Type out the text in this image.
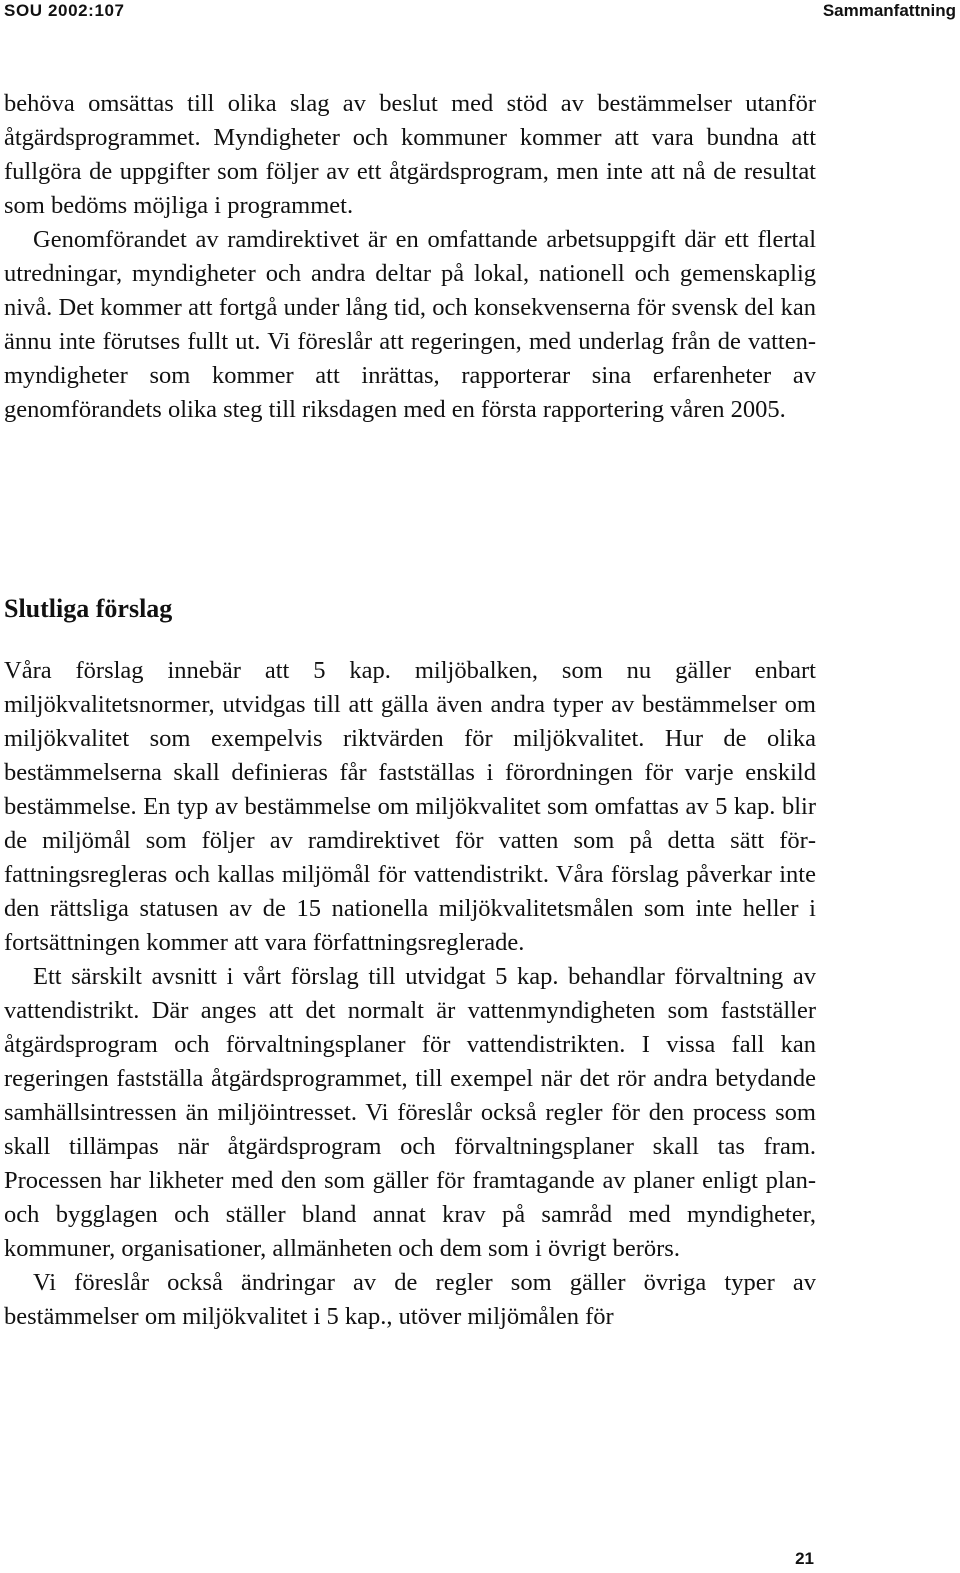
SOU 2002:107	Sammanfattning

behöva omsättas till olika slag av beslut med stöd av bestämmelser utanför åtgärdsprogrammet. Myndigheter och kommuner kommer att vara bundna att fullgöra de uppgifter som följer av ett åtgärdsprogram, men inte att nå de resultat som bedöms möjliga i programmet.

Genomförandet av ramdirektivet är en omfattande arbetsuppgift där ett flertal utredningar, myndigheter och andra deltar på lokal, nationell och gemenskaplig nivå. Det kommer att fortgå under lång tid, och konsekvenserna för svensk del kan ännu inte förutses fullt ut. Vi föreslår att regeringen, med underlag från de vattenmyndigheter som kommer att inrättas, rapporterar sina erfarenheter av genomförandets olika steg till riksdagen med en första rapportering våren 2005.

Slutliga förslag

Våra förslag innebär att 5 kap. miljöbalken, som nu gäller enbart miljökvalitetsnormer, utvidgas till att gälla även andra typer av bestämmelser om miljökvalitet som exempelvis riktvärden för miljökvalitet. Hur de olika bestämmelserna skall definieras får fastställas i förordningen för varje enskild bestämmelse. En typ av bestämmelse om miljökvalitet som omfattas av 5 kap. blir de miljömål som följer av ramdirektivet för vatten som på detta sätt författningsregleras och kallas miljömål för vattendistrikt. Våra förslag påverkar inte den rättsliga statusen av de 15 nationella miljökvalitetsmålen som inte heller i fortsättningen kommer att vara författningsreglerade.

Ett särskilt avsnitt i vårt förslag till utvidgat 5 kap. behandlar förvaltning av vattendistrikt. Där anges att det normalt är vattenmyndigheten som fastställer åtgärdsprogram och förvaltningsplaner för vattendistrikten. I vissa fall kan regeringen fastställa åtgärdsprogrammet, till exempel när det rör andra betydande samhällsintressen än miljöintresset. Vi föreslår också regler för den process som skall tillämpas när åtgärdsprogram och förvaltningsplaner skall tas fram. Processen har likheter med den som gäller för framtagande av planer enligt plan- och bygglagen och ställer bland annat krav på samråd med myndigheter, kommuner, organisationer, allmänheten och dem som i övrigt berörs.

Vi föreslår också ändringar av de regler som gäller övriga typer av bestämmelser om miljökvalitet i 5 kap., utöver miljömålen för

21
